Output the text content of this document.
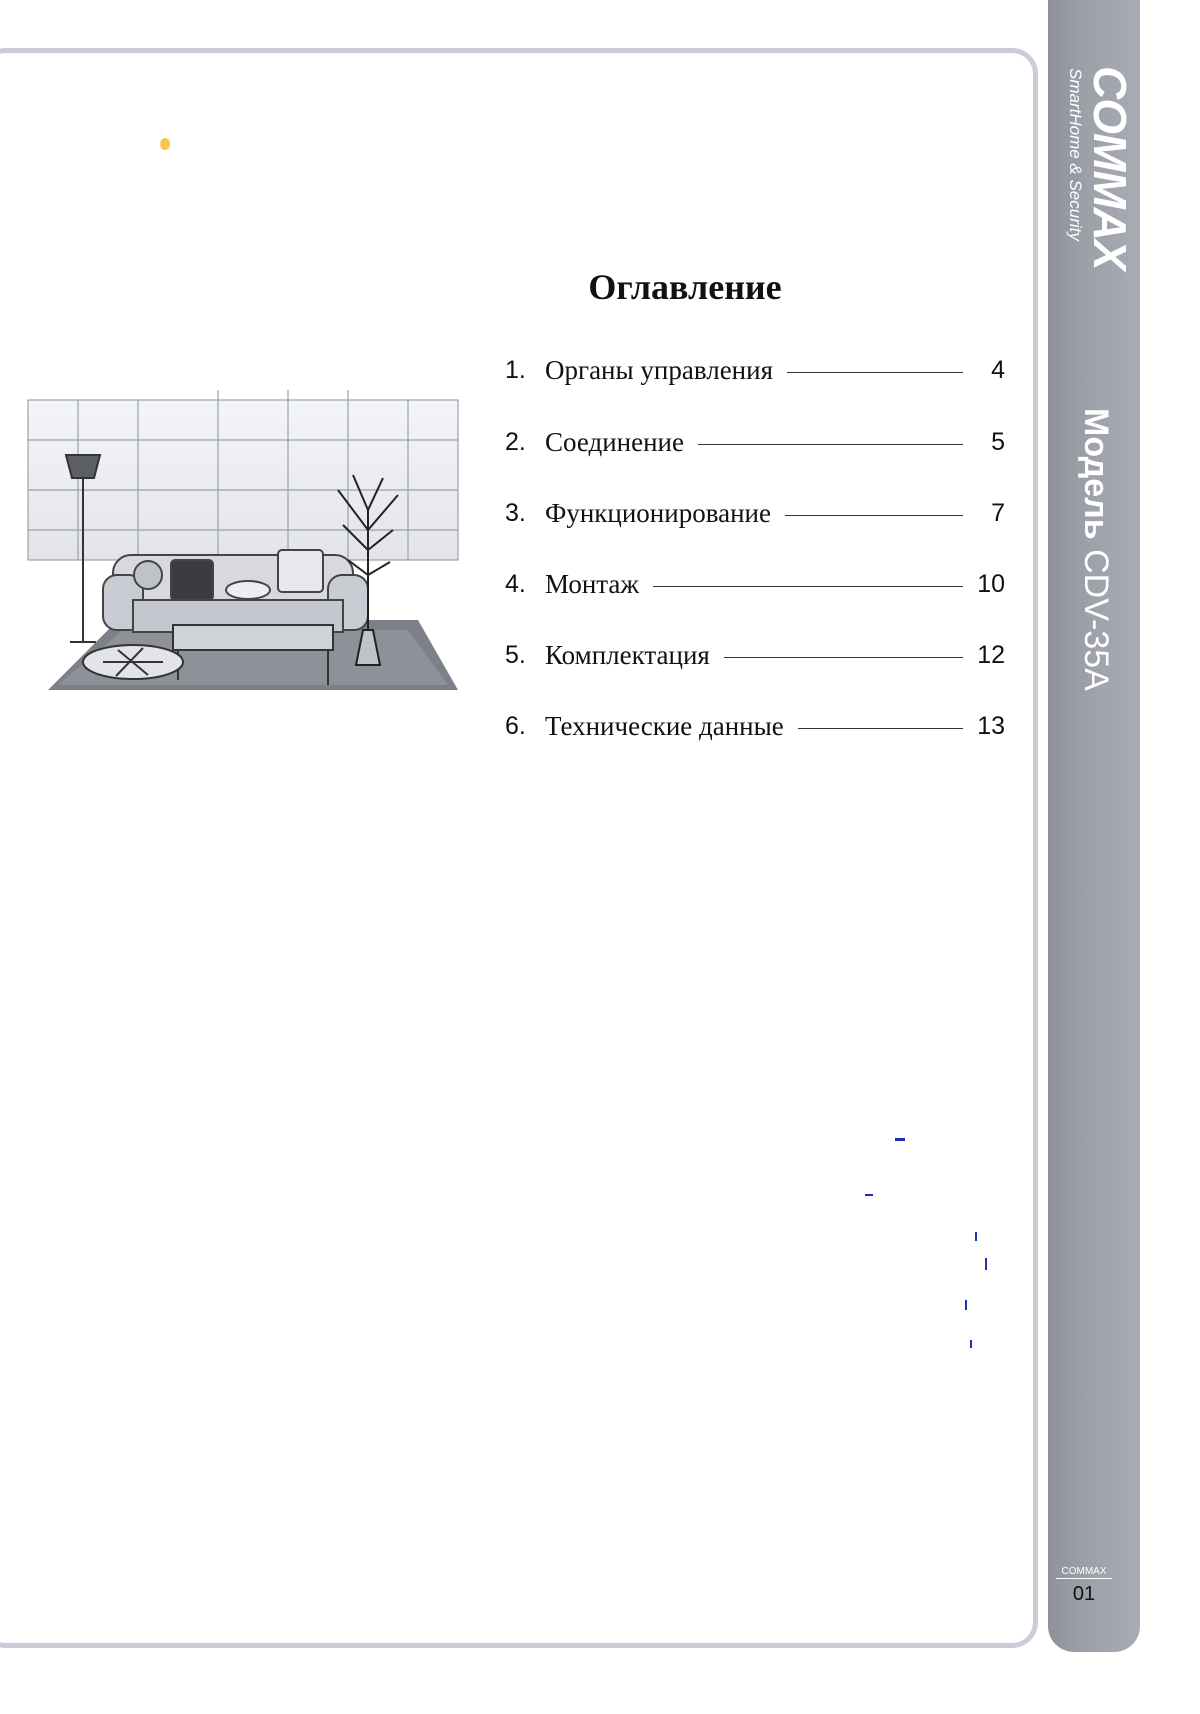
COMMAX
SmartHome & Security
Модель CDV-35A
COMMAX
01
Оглавление
1. Органы управления	4
2. Соединение	5
3. Функционирование	7
4. Монтаж	10
5. Комплектация	12
6. Технические данные	13
